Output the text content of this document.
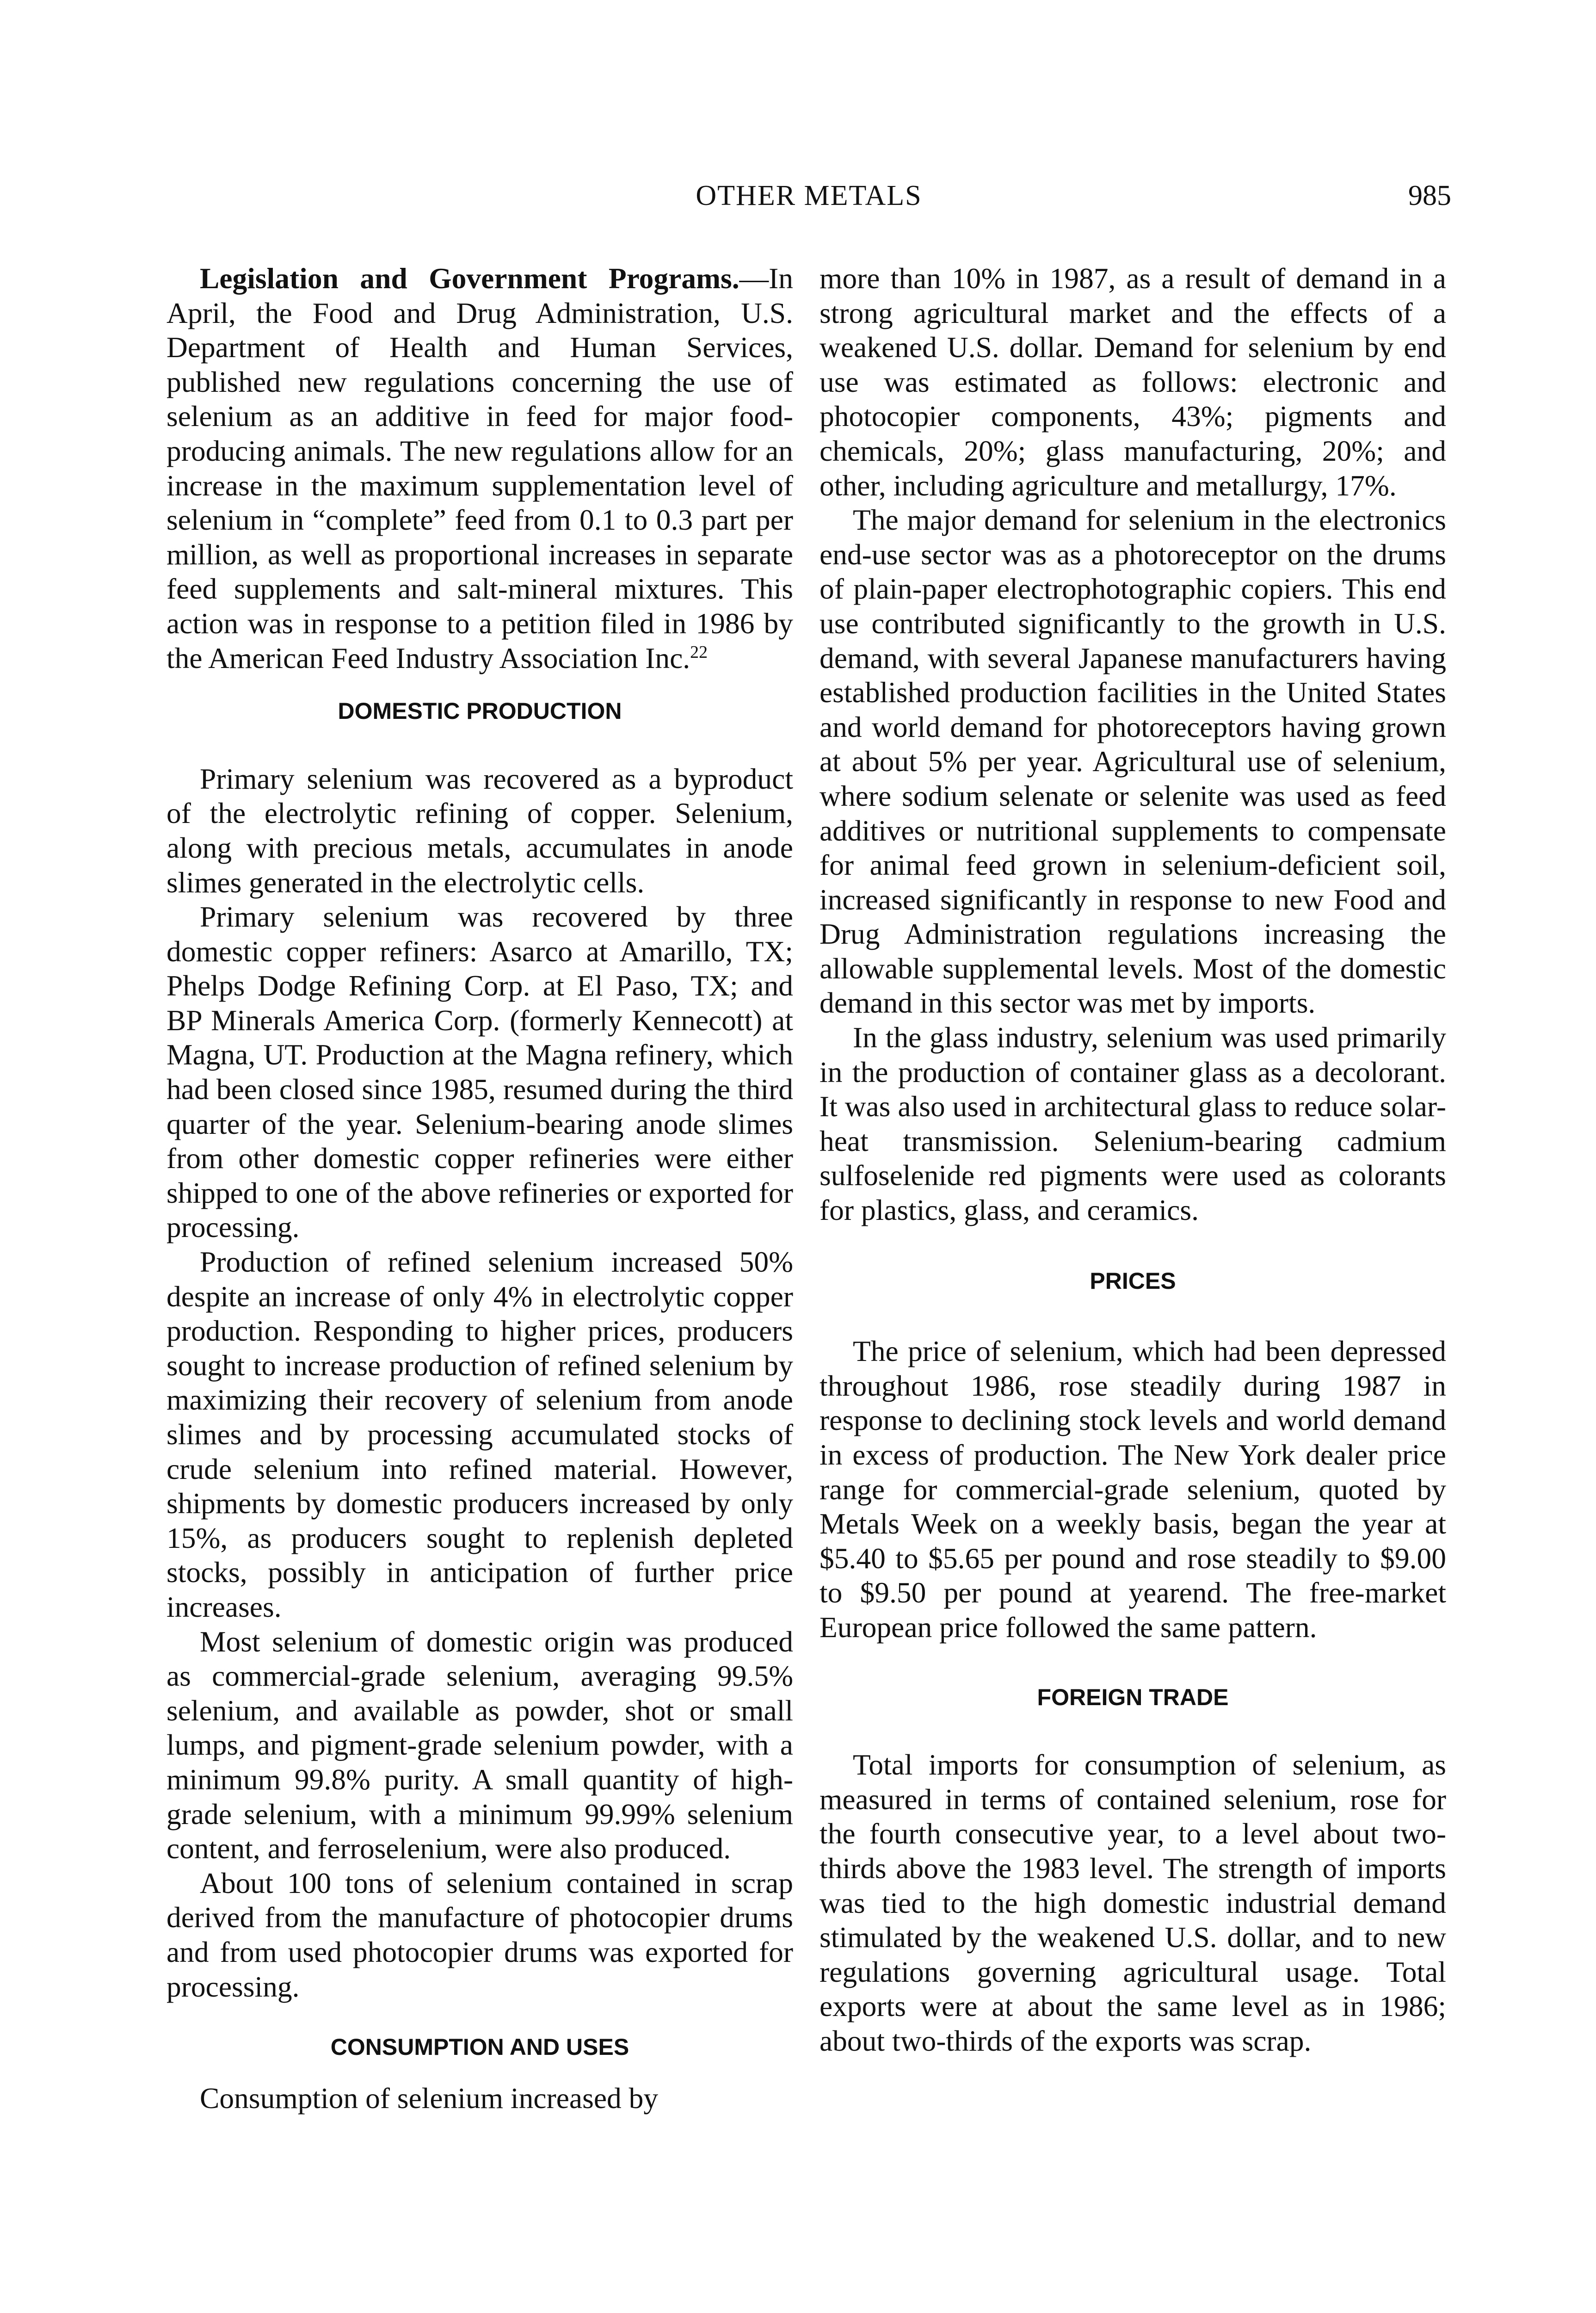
OTHER METALS	985

Legislation and Government Programs.—In April, the Food and Drug Administration, U.S. Department of Health and Human Services, published new regulations concerning the use of selenium as an additive in feed for major food-producing animals. The new regulations allow for an increase in the maximum supplementation level of selenium in “complete” feed from 0.1 to 0.3 part per million, as well as proportional increases in separate feed supplements and salt-mineral mixtures. This action was in response to a petition filed in 1986 by the American Feed Industry Association Inc.$^{22}$

DOMESTIC PRODUCTION

Primary selenium was recovered as a byproduct of the electrolytic refining of copper. Selenium, along with precious metals, accumulates in anode slimes generated in the electrolytic cells.

Primary selenium was recovered by three domestic copper refiners: Asarco at Amarillo, TX; Phelps Dodge Refining Corp. at El Paso, TX; and BP Minerals America Corp. (formerly Kennecott) at Magna, UT. Production at the Magna refinery, which had been closed since 1985, resumed during the third quarter of the year. Selenium-bearing anode slimes from other domestic copper refineries were either shipped to one of the above refineries or exported for processing.

Production of refined selenium increased 50% despite an increase of only 4% in electrolytic copper production. Responding to higher prices, producers sought to increase production of refined selenium by maximizing their recovery of selenium from anode slimes and by processing accumulated stocks of crude selenium into refined material. However, shipments by domestic producers increased by only 15%, as producers sought to replenish depleted stocks, possibly in anticipation of further price increases.

Most selenium of domestic origin was produced as commercial-grade selenium, averaging 99.5% selenium, and available as powder, shot or small lumps, and pigment-grade selenium powder, with a minimum 99.8% purity. A small quantity of high-grade selenium, with a minimum 99.99% selenium content, and ferroselenium, were also produced.

About 100 tons of selenium contained in scrap derived from the manufacture of photocopier drums and from used photocopier drums was exported for processing.

CONSUMPTION AND USES

Consumption of selenium increased by

more than 10% in 1987, as a result of demand in a strong agricultural market and the effects of a weakened U.S. dollar. Demand for selenium by end use was estimated as follows: electronic and photocopier components, 43%; pigments and chemicals, 20%; glass manufacturing, 20%; and other, including agriculture and metallurgy, 17%.

The major demand for selenium in the electronics end-use sector was as a photoreceptor on the drums of plain-paper electrophotographic copiers. This end use contributed significantly to the growth in U.S. demand, with several Japanese manufacturers having established production facilities in the United States and world demand for photoreceptors having grown at about 5% per year. Agricultural use of selenium, where sodium selenate or selenite was used as feed additives or nutritional supplements to compensate for animal feed grown in selenium-deficient soil, increased significantly in response to new Food and Drug Administration regulations increasing the allowable supplemental levels. Most of the domestic demand in this sector was met by imports.

In the glass industry, selenium was used primarily in the production of container glass as a decolorant. It was also used in architectural glass to reduce solar-heat transmission. Selenium-bearing cadmium sulfoselenide red pigments were used as colorants for plastics, glass, and ceramics.

PRICES

The price of selenium, which had been depressed throughout 1986, rose steadily during 1987 in response to declining stock levels and world demand in excess of production. The New York dealer price range for commercial-grade selenium, quoted by Metals Week on a weekly basis, began the year at $5.40 to $5.65 per pound and rose steadily to $9.00 to $9.50 per pound at yearend. The free-market European price followed the same pattern.

FOREIGN TRADE

Total imports for consumption of selenium, as measured in terms of contained selenium, rose for the fourth consecutive year, to a level about two-thirds above the 1983 level. The strength of imports was tied to the high domestic industrial demand stimulated by the weakened U.S. dollar, and to new regulations governing agricultural usage. Total exports were at about the same level as in 1986; about two-thirds of the exports was scrap.
